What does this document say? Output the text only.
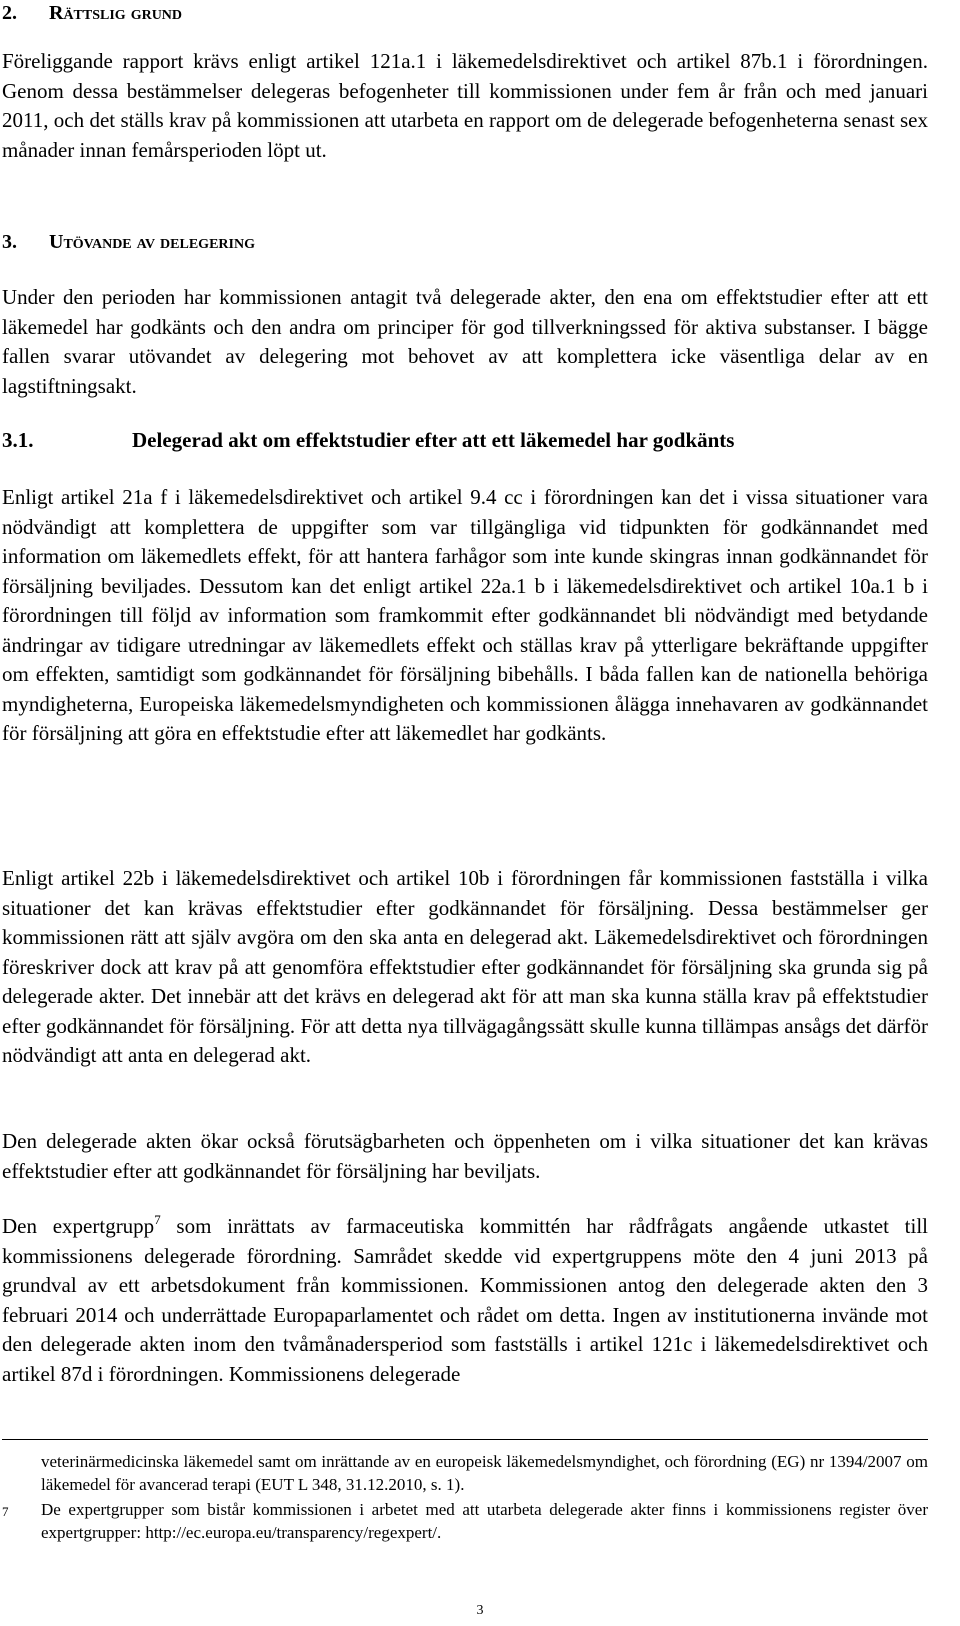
2. Rättslig grund

Föreliggande rapport krävs enligt artikel 121a.1 i läkemedelsdirektivet och artikel 87b.1 i förordningen. Genom dessa bestämmelser delegeras befogenheter till kommissionen under fem år från och med januari 2011, och det ställs krav på kommissionen att utarbeta en rapport om de delegerade befogenheterna senast sex månader innan femårsperioden löpt ut.

3. Utövande av delegering

Under den perioden har kommissionen antagit två delegerade akter, den ena om effektstudier efter att ett läkemedel har godkänts och den andra om principer för god tillverkningssed för aktiva substanser. I bägge fallen svarar utövandet av delegering mot behovet av att komplettera icke väsentliga delar av en lagstiftningsakt.

3.1.	Delegerad akt om effektstudier efter att ett läkemedel har godkänts

Enligt artikel 21a f i läkemedelsdirektivet och artikel 9.4 cc i förordningen kan det i vissa situationer vara nödvändigt att komplettera de uppgifter som var tillgängliga vid tidpunkten för godkännandet med information om läkemedlets effekt, för att hantera farhågor som inte kunde skingras innan godkännandet för försäljning beviljades. Dessutom kan det enligt artikel 22a.1 b i läkemedelsdirektivet och artikel 10a.1 b i förordningen till följd av information som framkommit efter godkännandet bli nödvändigt med betydande ändringar av tidigare utredningar av läkemedlets effekt och ställas krav på ytterligare bekräftande uppgifter om effekten, samtidigt som godkännandet för försäljning bibehålls. I båda fallen kan de nationella behöriga myndigheterna, Europeiska läkemedelsmyndigheten och kommissionen ålägga innehavaren av godkännandet för försäljning att göra en effektstudie efter att läkemedlet har godkänts.

Enligt artikel 22b i läkemedelsdirektivet och artikel 10b i förordningen får kommissionen fastställa i vilka situationer det kan krävas effektstudier efter godkännandet för försäljning. Dessa bestämmelser ger kommissionen rätt att själv avgöra om den ska anta en delegerad akt. Läkemedelsdirektivet och förordningen föreskriver dock att krav på att genomföra effektstudier efter godkännandet för försäljning ska grunda sig på delegerade akter. Det innebär att det krävs en delegerad akt för att man ska kunna ställa krav på effektstudier efter godkännandet för försäljning. För att detta nya tillvägagångssätt skulle kunna tillämpas ansågs det därför nödvändigt att anta en delegerad akt.

Den delegerade akten ökar också förutsägbarheten och öppenheten om i vilka situationer det kan krävas effektstudier efter att godkännandet för försäljning har beviljats.

Den expertgrupp$^7$ som inrättats av farmaceutiska kommittén har rådfrågats angående utkastet till kommissionens delegerade förordning. Samrådet skedde vid expertgruppens möte den 4 juni 2013 på grundval av ett arbetsdokument från kommissionen. Kommissionen antog den delegerade akten den 3 februari 2014 och underrättade Europaparlamentet och rådet om detta. Ingen av institutionerna invände mot den delegerade akten inom den tvåmånadersperiod som fastställs i artikel 121c i läkemedelsdirektivet och artikel 87d i förordningen. Kommissionens delegerade

veterinärmedicinska läkemedel samt om inrättande av en europeisk läkemedelsmyndighet, och förordning (EG) nr 1394/2007 om läkemedel för avancerad terapi (EUT L 348, 31.12.2010, s. 1).

7 De expertgrupper som bistår kommissionen i arbetet med att utarbeta delegerade akter finns i kommissionens register över expertgrupper: http://ec.europa.eu/transparency/regexpert/.

3
